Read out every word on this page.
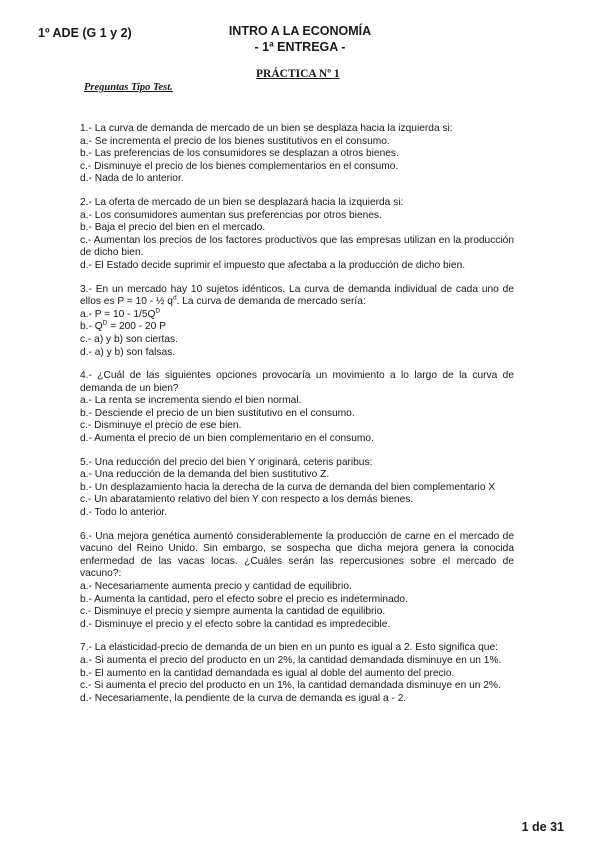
1º ADE (G 1 y 2)	INTRO A LA ECONOMÍA
- 1ª ENTREGA -
PRÁCTICA Nº 1
Preguntas Tipo Test.
1.- La curva de demanda de mercado de un bien se desplaza hacia la izquierda si:
a.- Se incrementa el precio de los bienes sustitutivos en el consumo.
b.- Las preferencias de los consumidores se desplazan a otros bienes.
c.- Disminuye el precio de los bienes complementarios en el consumo.
d.- Nada de lo anterior.
2.- La oferta de mercado de un bien se desplazará hacia la izquierda si:
a.- Los consumidores aumentan sus preferencias por otros bienes.
b.- Baja el precio del bien en el mercado.
c.- Aumentan los precios de los factores productivos que las empresas utilizan en la producción de dicho bien.
d.- El Estado decide suprimir el impuesto que afectaba a la producción de dicho bien.
3.- En un mercado hay 10 sujetos idénticos. La curva de demanda individual de cada uno de ellos es P = 10 - ½ $q^d$. La curva de demanda de mercado sería:
a.- $P = 10 - 1/5Q^D$
b.- $Q^D = 200 - 20$ P
c.- a) y b) son ciertas.
d.- a) y b) son falsas.
4.- ¿Cuál de las siguientes opciones provocaría un movimiento a lo largo de la curva de demanda de un bien?
a.- La renta se incrementa siendo el bien normal.
b.- Desciende el precio de un bien sustitutivo en el consumo.
c.- Disminuye el precio de ese bien.
d.- Aumenta el precio de un bien complementario en el consumo.
5.- Una reducción del precio del bien Y originará, ceteris paribus:
a.- Una reducción de la demanda del bien sustitutivo Z.
b.- Un desplazamiento hacia la derecha de la curva de demanda del bien complementario X
c.- Un abaratamiento relativo del bien Y con respecto a los demás bienes.
d.- Todo lo anterior.
6.- Una mejora genética aumentó considerablemente la producción de carne en el mercado de vacuno del Reino Unido. Sin embargo, se sospecha que dicha mejora genera la conocida enfermedad de las vacas locas. ¿Cuáles serán las repercusiones sobre el mercado de vacuno?:
a.- Necesariamente aumenta precio y cantidad de equilibrio.
b.- Aumenta la cantidad, pero el efecto sobre el precio es indeterminado.
c.- Disminuye el precio y siempre aumenta la cantidad de equilibrio.
d.- Disminuye el precio y el efecto sobre la cantidad es impredecible.
7.- La elasticidad-precio de demanda de un bien en un punto es igual a 2. Esto significa que:
a.- Si aumenta el precio del producto en un 2%, la cantidad demandada disminuye en un 1%.
b.- El aumento en la cantidad demandada es igual al doble del aumento del precio.
c.- Si aumenta el precio del producto en un 1%, la cantidad demandada disminuye en un 2%.
d.- Necesariamente, la pendiente de la curva de demanda es igual a - 2.
1 de 31
